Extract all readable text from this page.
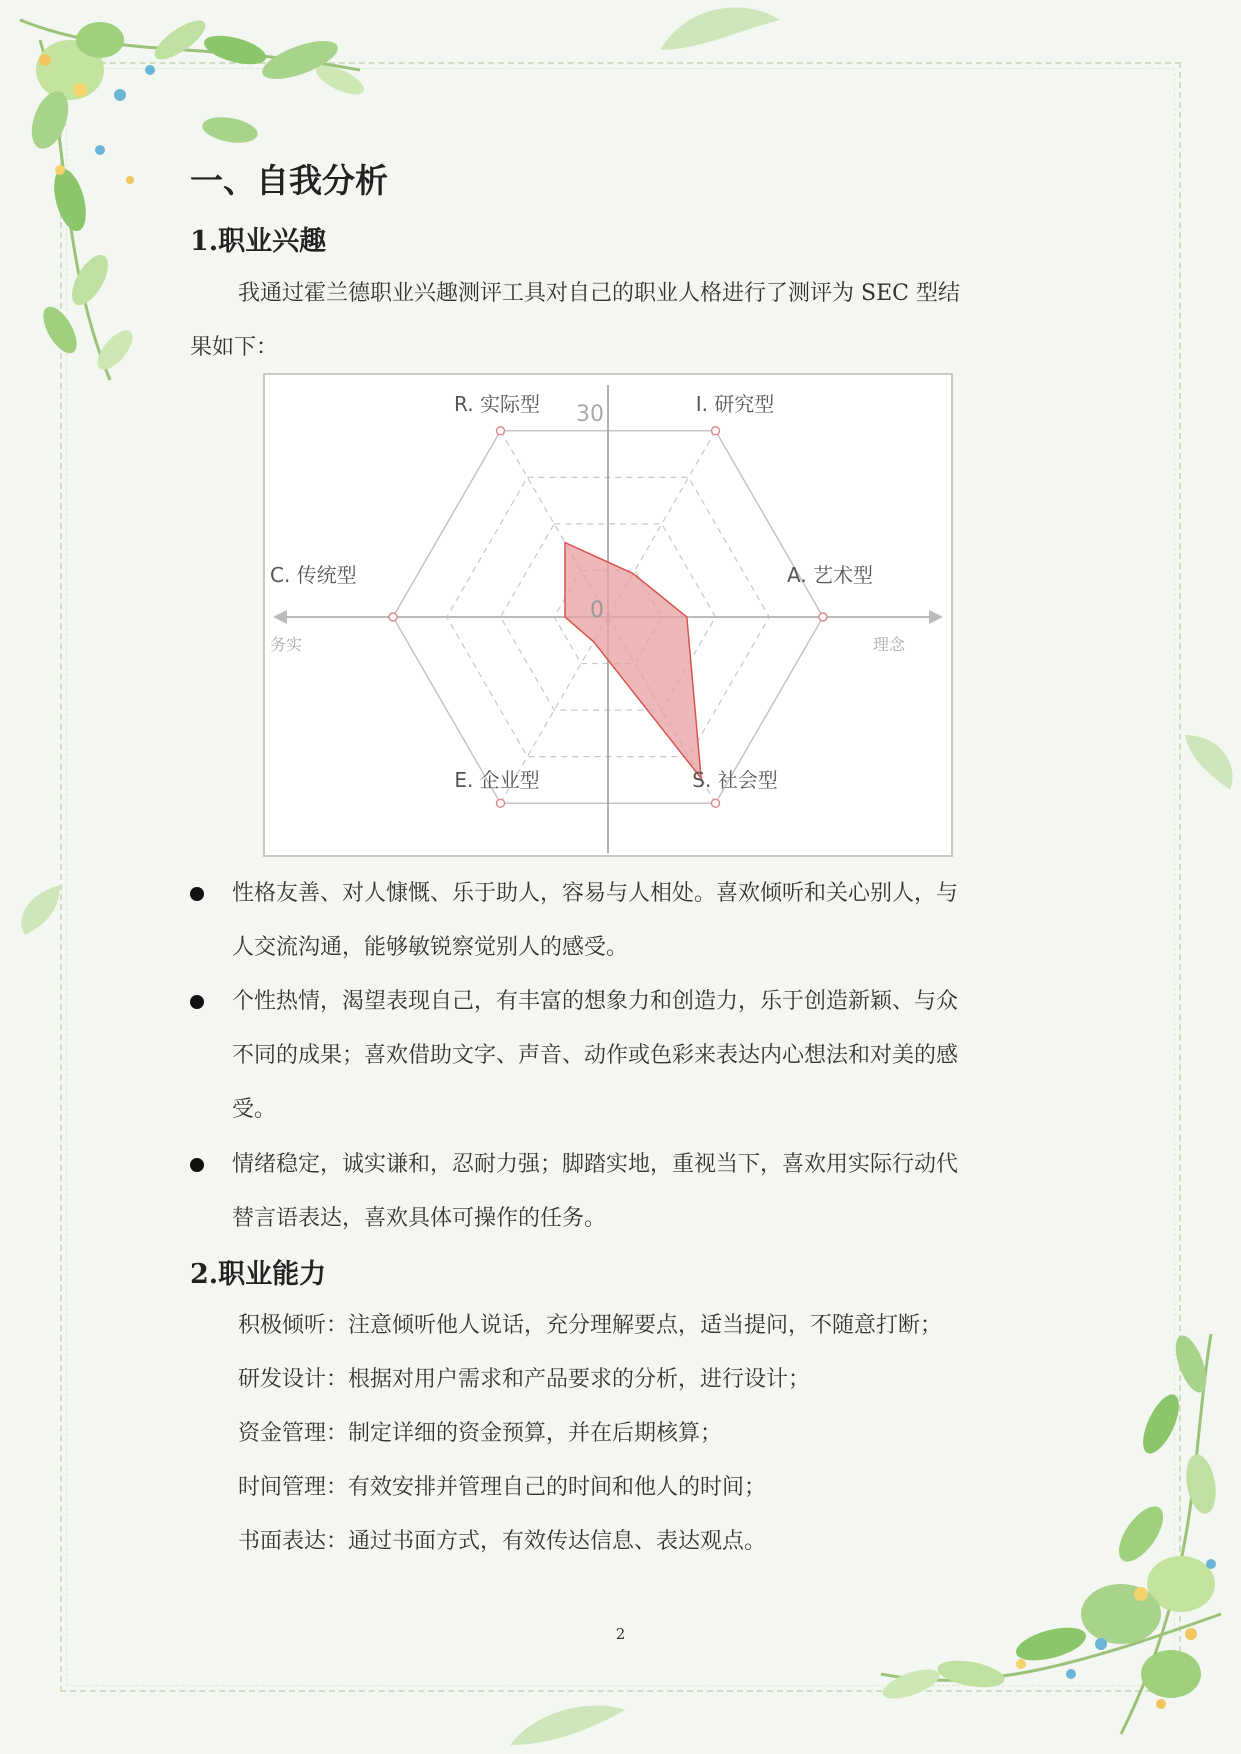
一、自我分析
1.职业兴趣

我通过霍兰德职业兴趣测评工具对自己的职业人格进行了测评为 SEC 型结
果如下：

R. 实际型	I. 研究型
A. 艺术型
S. 社会型
E. 企业型
C. 传统型
30
0
务实	理念

性格友善、对人慷慨、乐于助人，容易与人相处。喜欢倾听和关心别人，与
人交流沟通，能够敏锐察觉别人的感受。

个性热情，渴望表现自己，有丰富的想象力和创造力，乐于创造新颖、与众
不同的成果；喜欢借助文字、声音、动作或色彩来表达内心想法和对美的感
受。

情绪稳定，诚实谦和，忍耐力强；脚踏实地，重视当下，喜欢用实际行动代
替言语表达，喜欢具体可操作的任务。

2.职业能力

积极倾听：注意倾听他人说话，充分理解要点，适当提问，不随意打断；

研发设计：根据对用户需求和产品要求的分析，进行设计；

资金管理：制定详细的资金预算，并在后期核算；

时间管理：有效安排并管理自己的时间和他人的时间；

书面表达：通过书面方式，有效传达信息、表达观点。

2
